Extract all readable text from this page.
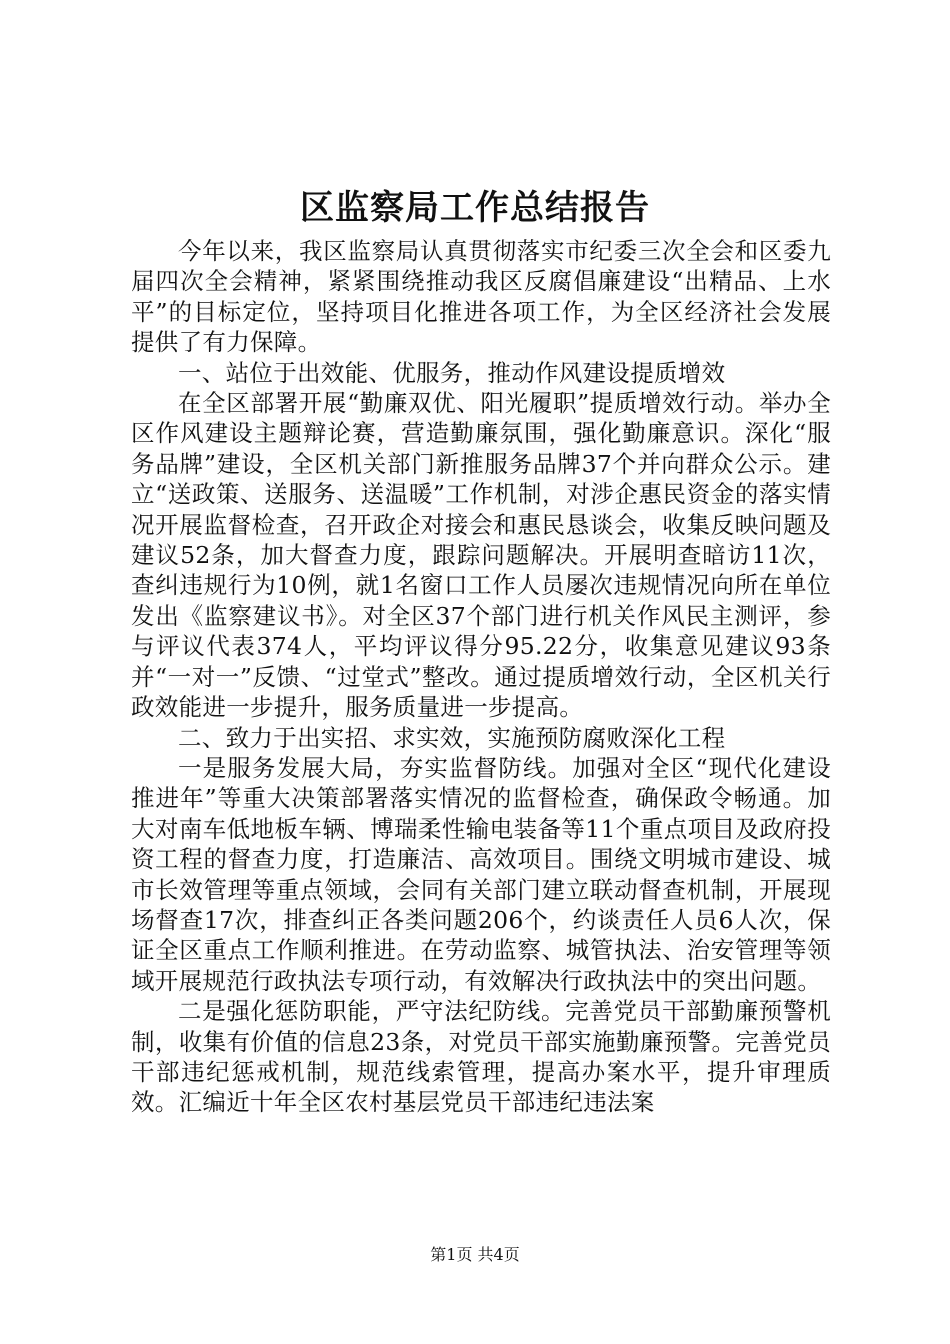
区监察局工作总结报告

今年以来，我区监察局认真贯彻落实市纪委三次全会和区委九届四次全会精神，紧紧围绕推动我区反腐倡廉建设“出精品、上水平”的目标定位，坚持项目化推进各项工作，为全区经济社会发展提供了有力保障。

一、站位于出效能、优服务，推动作风建设提质增效

在全区部署开展“勤廉双优、阳光履职”提质增效行动。举办全区作风建设主题辩论赛，营造勤廉氛围，强化勤廉意识。深化“服务品牌”建设，全区机关部门新推服务品牌37个并向群众公示。建立“送政策、送服务、送温暖”工作机制，对涉企惠民资金的落实情况开展监督检查，召开政企对接会和惠民恳谈会，收集反映问题及建议52条，加大督查力度，跟踪问题解决。开展明查暗访11次，查纠违规行为10例，就1名窗口工作人员屡次违规情况向所在单位发出《监察建议书》。对全区37个部门进行机关作风民主测评，参与评议代表374人，平均评议得分95.22分，收集意见建议93条并“一对一”反馈、“过堂式”整改。通过提质增效行动，全区机关行政效能进一步提升，服务质量进一步提高。

二、致力于出实招、求实效，实施预防腐败深化工程

一是服务发展大局，夯实监督防线。加强对全区“现代化建设推进年”等重大决策部署落实情况的监督检查，确保政令畅通。加大对南车低地板车辆、博瑞柔性输电装备等11个重点项目及政府投资工程的督查力度，打造廉洁、高效项目。围绕文明城市建设、城市长效管理等重点领域，会同有关部门建立联动督查机制，开展现场督查17次，排查纠正各类问题206个，约谈责任人员6人次，保证全区重点工作顺利推进。在劳动监察、城管执法、治安管理等领域开展规范行政执法专项行动，有效解决行政执法中的突出问题。

二是强化惩防职能，严守法纪防线。完善党员干部勤廉预警机制，收集有价值的信息23条，对党员干部实施勤廉预警。完善党员干部违纪惩戒机制，规范线索管理，提高办案水平，提升审理质效。汇编近十年全区农村基层党员干部违纪违法案

第1页 共4页
